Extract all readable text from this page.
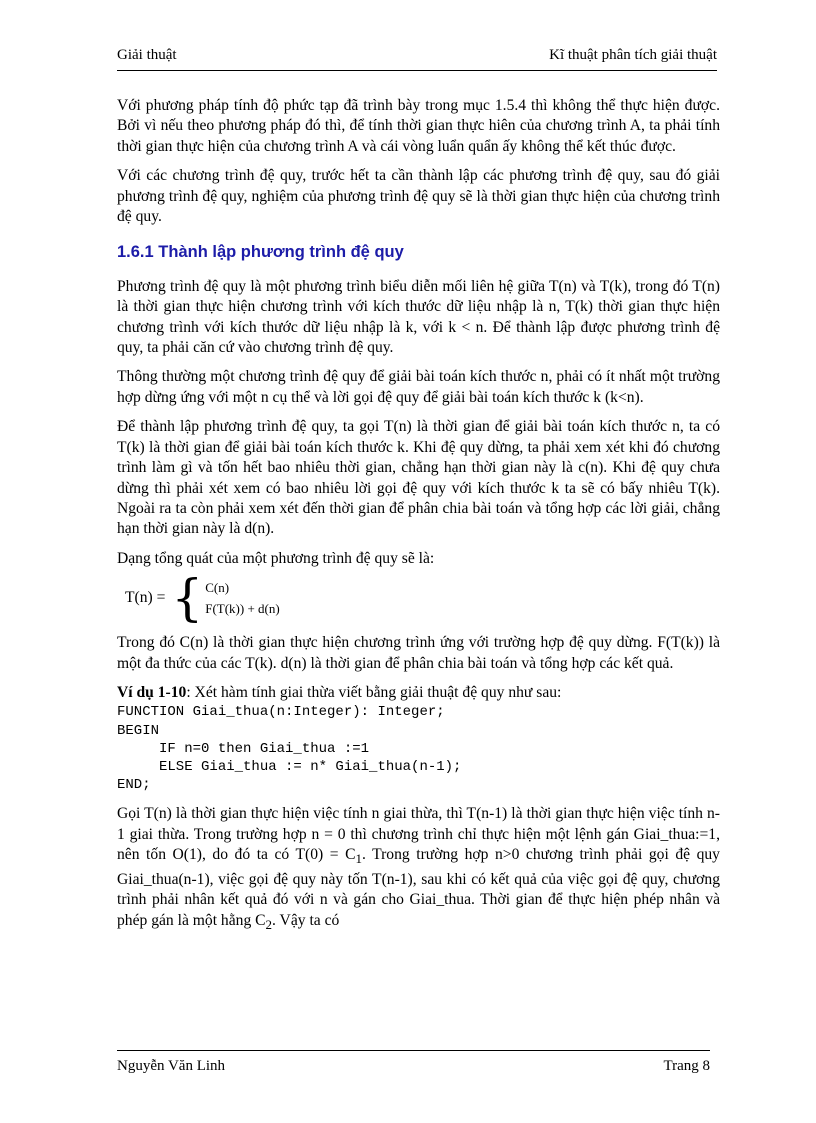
Giải thuật	Kĩ thuật phân tích giải thuật

Với phương pháp tính độ phức tạp đã trình bày trong mục 1.5.4 thì không thể thực hiện được. Bởi vì nếu theo phương pháp đó thì, để tính thời gian thực hiên của chương trình A, ta phải tính thời gian thực hiện của chương trình A và cái vòng luẩn quẩn ấy không thể kết thúc được.

Với các chương trình đệ quy, trước hết ta cần thành lập các phương trình đệ quy, sau đó giải phương trình đệ quy, nghiệm của phương trình đệ quy sẽ là thời gian thực hiện của chương trình đệ quy.

1.6.1 Thành lập phương trình đệ quy

Phương trình đệ quy là một phương trình biểu diễn mối liên hệ giữa T(n) và T(k), trong đó T(n) là thời gian thực hiện chương trình với kích thước dữ liệu nhập là n, T(k) thời gian thực hiện chương trình với kích thước dữ liệu nhập là k, với k < n. Để thành lập được phương trình đệ quy, ta phải căn cứ vào chương trình đệ quy.

Thông thường một chương trình đệ quy để giải bài toán kích thước n, phải có ít nhất một trường hợp dừng ứng với một n cụ thể và lời gọi đệ quy để giải bài toán kích thước k (k<n).

Để thành lập phương trình đệ quy, ta gọi T(n) là thời gian để giải bài toán kích thước n, ta có T(k) là thời gian để giải bài toán kích thước k. Khi đệ quy dừng, ta phải xem xét khi đó chương trình làm gì và tốn hết bao nhiêu thời gian, chẳng hạn thời gian này là c(n). Khi đệ quy chưa dừng thì phải xét xem có bao nhiêu lời gọi đệ quy với kích thước k ta sẽ có bấy nhiêu T(k). Ngoài ra ta còn phải xem xét đến thời gian để phân chia bài toán và tổng hợp các lời giải, chẳng hạn thời gian này là d(n).

Dạng tổng quát của một phương trình đệ quy sẽ là:

T(n) = { C(n)
F(T(k)) + d(n)

Trong đó C(n) là thời gian thực hiện chương trình ứng với trường hợp đệ quy dừng. F(T(k)) là một đa thức của các T(k). d(n) là thời gian để phân chia bài toán và tổng hợp các kết quả.

Ví dụ 1-10: Xét hàm tính giai thừa viết bằng giải thuật đệ quy như sau:
FUNCTION Giai_thua(n:Integer): Integer;
BEGIN
IF n=0 then Giai_thua :=1
ELSE Giai_thua := n* Giai_thua(n-1);
END;

Gọi T(n) là thời gian thực hiện việc tính n giai thừa, thì T(n-1) là thời gian thực hiện việc tính n-1 giai thừa. Trong trường hợp n = 0 thì chương trình chỉ thực hiện một lệnh gán Giai_thua:=1, nên tốn O(1), do đó ta có $T(0) = C_1$. Trong trường hợp n>0 chương trình phải gọi đệ quy Giai_thua(n-1), việc gọi đệ quy này tốn T(n-1), sau khi có kết quả của việc gọi đệ quy, chương trình phải nhân kết quả đó với n và gán cho Giai_thua. Thời gian để thực hiện phép nhân và phép gán là một hằng $C_2$. Vậy ta có

Nguyễn Văn Linh	Trang 8
